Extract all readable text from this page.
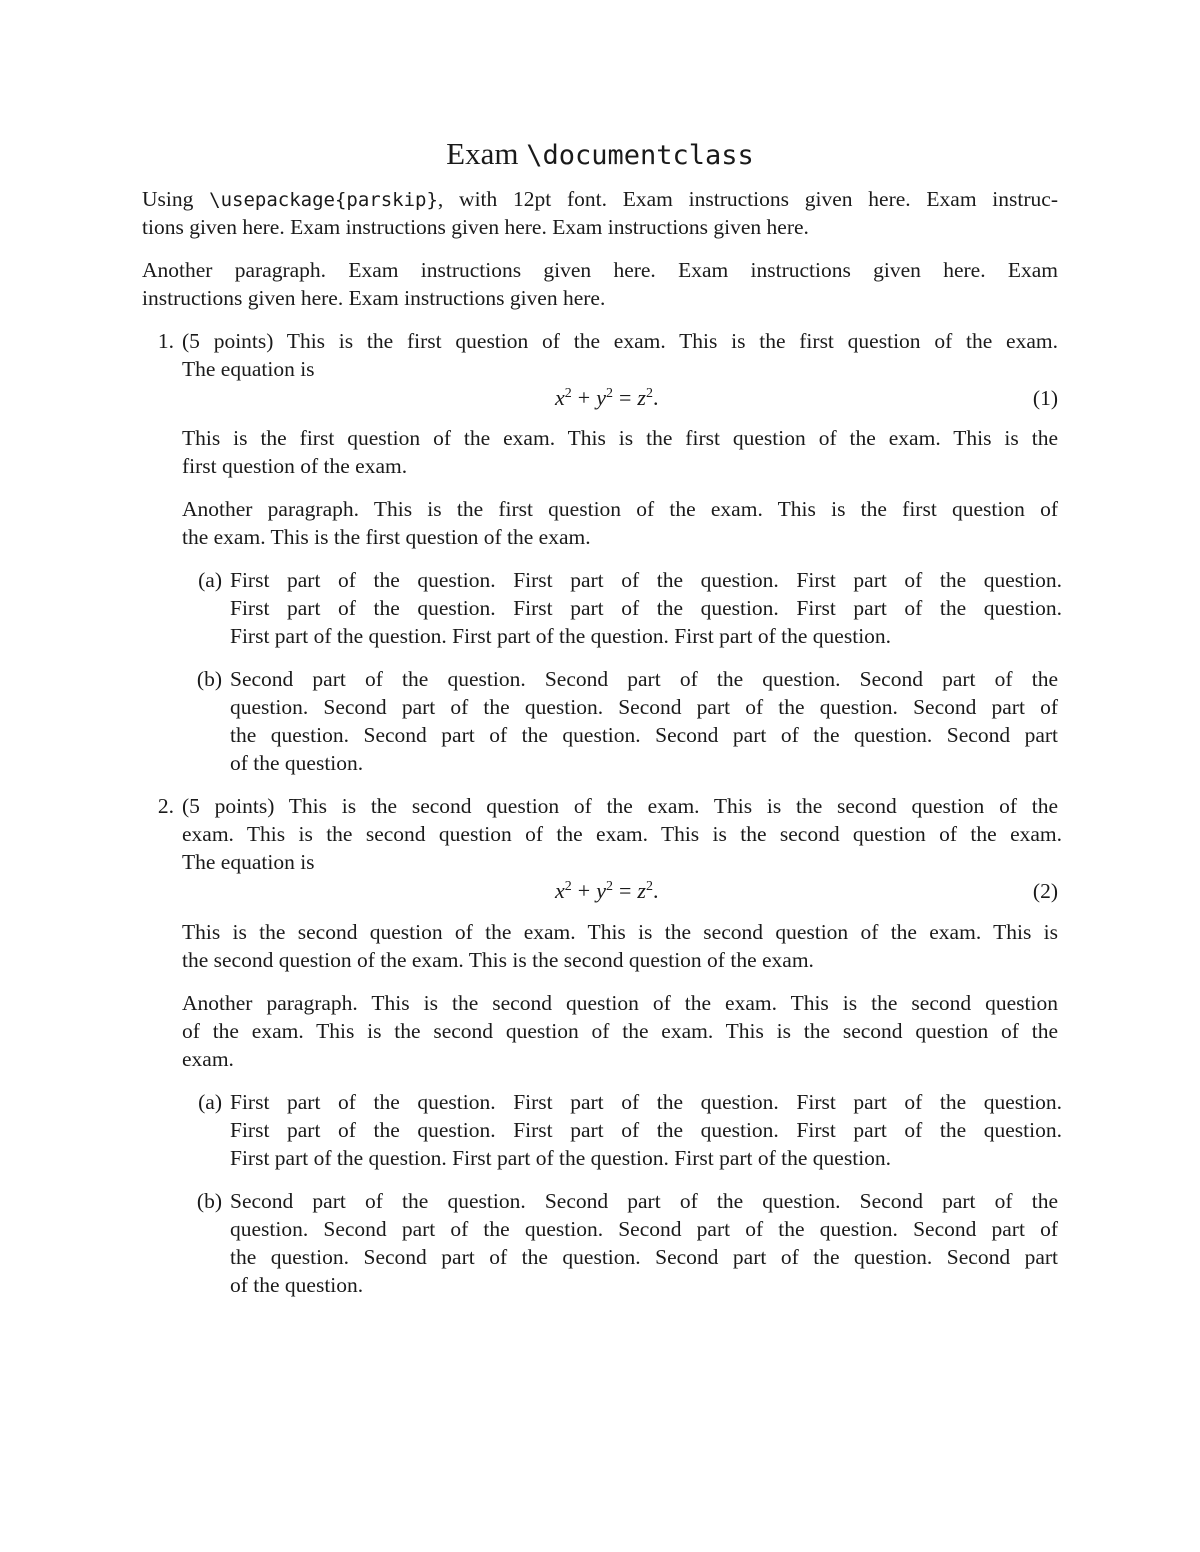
Exam \documentclass
Using \usepackage{parskip}, with 12pt font. Exam instructions given here. Exam instruc-
tions given here. Exam instructions given here. Exam instructions given here.
Another paragraph. Exam instructions given here. Exam instructions given here. Exam
instructions given here. Exam instructions given here.
1. (5 points) This is the first question of the exam. This is the first question of the exam.
The equation is
$x^2 + y^2 = z^2$.	(1)
This is the first question of the exam. This is the first question of the exam. This is the
first question of the exam.
Another paragraph. This is the first question of the exam. This is the first question of
the exam. This is the first question of the exam.
(a) First part of the question. First part of the question. First part of the question.
First part of the question. First part of the question. First part of the question.
First part of the question. First part of the question. First part of the question.
(b) Second part of the question. Second part of the question. Second part of the
question. Second part of the question. Second part of the question. Second part of
the question. Second part of the question. Second part of the question. Second part
of the question.
2. (5 points) This is the second question of the exam. This is the second question of the
exam. This is the second question of the exam. This is the second question of the exam.
The equation is
$x^2 + y^2 = z^2$.	(2)
This is the second question of the exam. This is the second question of the exam. This is
the second question of the exam. This is the second question of the exam.
Another paragraph. This is the second question of the exam. This is the second question
of the exam. This is the second question of the exam. This is the second question of the
exam.
(a) First part of the question. First part of the question. First part of the question.
First part of the question. First part of the question. First part of the question.
First part of the question. First part of the question. First part of the question.
(b) Second part of the question. Second part of the question. Second part of the
question. Second part of the question. Second part of the question. Second part of
the question. Second part of the question. Second part of the question. Second part
of the question.
